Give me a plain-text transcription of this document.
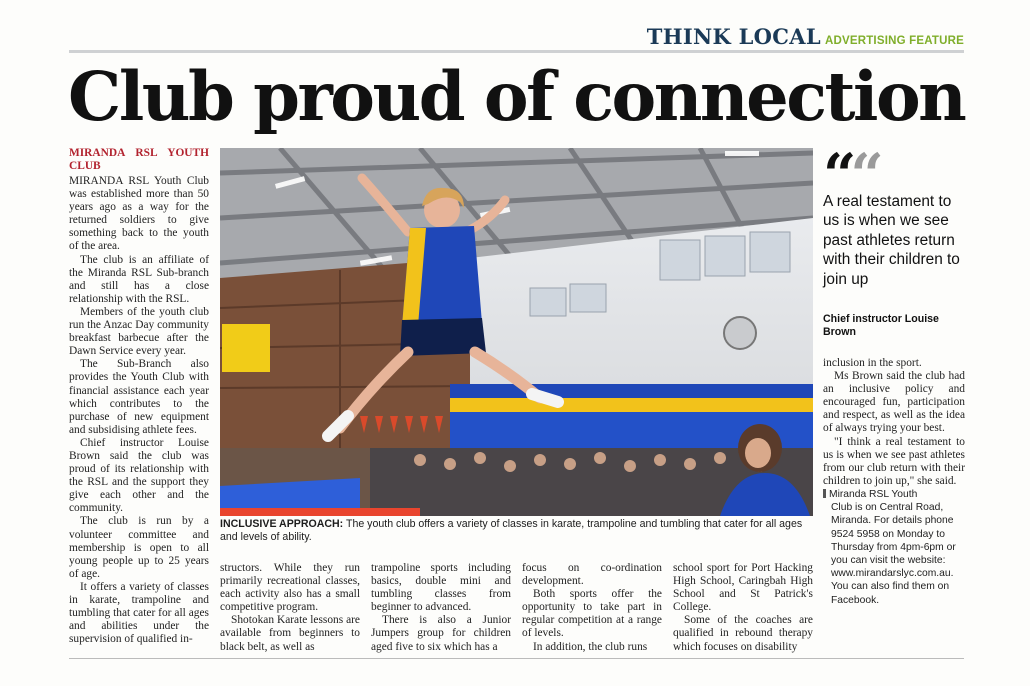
THINK LOCAL ADVERTISING FEATURE
Club proud of connection
MIRANDA RSL YOUTH CLUB

MIRANDA RSL Youth Club was established more than 50 years ago as a way for the returned soldiers to give something back to the youth of the area.

The club is an affiliate of the Miranda RSL Sub-branch and still has a close relationship with the RSL.

Members of the youth club run the Anzac Day community breakfast barbecue after the Dawn Service every year.

The Sub-Branch also provides the Youth Club with financial assistance each year which contributes to the purchase of new equipment and subsidising athlete fees.

Chief instructor Louise Brown said the club was proud of its relationship with the RSL and the support they give each other and the community.

The club is run by a volunteer committee and membership is open to all young people up to 25 years of age.

It offers a variety of classes in karate, trampoline and tumbling that cater for all ages and abilities under the supervision of qualified in-

INCLUSIVE APPROACH: The youth club offers a variety of classes in karate, trampoline and tumbling that cater for all ages and levels of ability.

structors. While they run primarily recreational classes, each activity also has a small competitive program.

Shotokan Karate lessons are available from beginners to black belt, as well as

trampoline sports including basics, double mini and tumbling classes from beginner to advanced.

There is also a Junior Jumpers group for children aged five to six which has a

focus on co-ordination development.

Both sports offer the opportunity to take part in regular competition at a range of levels.

In addition, the club runs

school sport for Port Hacking High School, Caringbah High School and St Patrick's College.

Some of the coaches are qualified in rebound therapy which focuses on disability

““
A real testament to us is when we see past athletes return with their children to join up
Chief instructor Louise Brown

inclusion in the sport.

Ms Brown said the club had an inclusive policy and encouraged fun, participation and respect, as well as the idea of always trying your best.

"I think a real testament to us is when we see past athletes from our club return with their children to join up," she said.

Miranda RSL Youth
Club is on Central Road, Miranda. For details phone 9524 5958 on Monday to Thursday from 4pm-6pm or you can visit the website: www.mirandarslyc.com.au. You can also find them on Facebook.
